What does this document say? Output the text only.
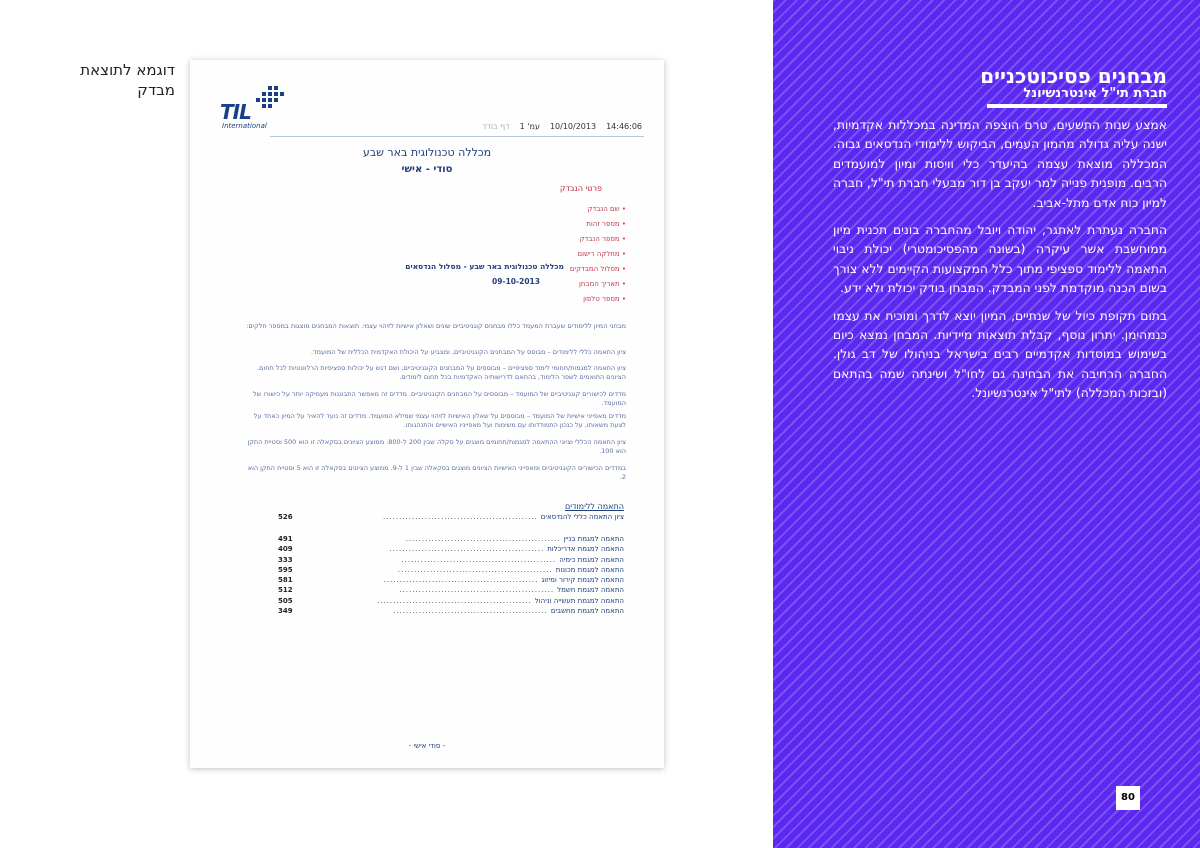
דוגמא לתוצאת מבדק
TIL
International	דף בודד עמ' 1 10/10/2013 14:46:06
מכללה טכנולוגית באר שבע
סודי - אישי
פרטי הנבדק
• שם הנבדק
• מספר זהות
• מספר הנבדק
• מחלקה רישום
• מסלול המבדקים
• תאריך המבחן
• מספר טלפון
מכללה טכנולוגית באר שבע - מסלול הנדסאים
09-10-2013
מבחני המיון ללימודים שעברת המעמד כללו מבחנים קוגניטיביים שונים ושאלון אישיות לזיהוי עצמי. תוצאות המבחנים מוצגות במספר חלקים:
ציון התאמה כללי ללימודים – מבוסס על המבחנים הקוגניטיביים, ומצביע על היכולת האקדמית הכללית של המועמד.
ציון התאמה למגמות/תחומי לימוד ספציפיים – מבוססים על המבחנים הקוגניטיביים, ושם דגש על יכולות ספציפיות הרלוונטיות לכל תחום. הציונים התואמים לשפר הלימוד, בהתאם לדרישותיה האקדמיות בכל תחום לימודים.
מדדים לכישורים קוגניטיביים של המועמד – מבוססים על המבחנים הקוגניטיביים. מדדים זה מאפשר התבוננות מעמיקה יותר על כישורו של המועמד.
מדדים מאפייני אישיות של המועמד – מבוססים על שאלון האישיות לזיהוי עצמי שמילא המועמד. מדדים זה נועד להאיר על המיון כאחד על לצעת משאותו, על כנכון התמודדותו עם משימות ועל מאפייניו האישיים והתנהגותו.
ציון התאמה הכללי וציוני ההתאמה למגמות/תחומים מוצגים על סקלה שבין 200 ל-800. ממוצע הציונים בסקאלה זו הוא 500 וסטיית התקן הוא 100.
במדדים הכישורים הקוגניטיביים ומאפייני האישיות הציונים מוצגים בסקאלה שבין 1 ל-9. ממוצע הציונים בסקאלה זו הוא 5 וסטיית התקן הוא 2.
התאמה ללימודים
ציון התאמה כללי להנדסאים
................................................
526
התאמה למגמת בניין
................................................
491
התאמה למגמת אדריכלות
................................................
409
התאמה למגמת כימיה
................................................
333
התאמה למגמת מכונות
................................................
595
התאמה למגמת קירור ומיזוג
................................................
581
התאמה למגמת חשמל
................................................
512
התאמה למגמת תעשייה וניהול
................................................
505
התאמה למגמת מחשבים
................................................
349
- סודי אישי -
מבחנים פסיכוטכניים
חברת תי"ל אינטרנשיונל

אמצע שנות התשעים, טרם הוצפה המדינה במכללות אקדמיות, ישנה עליה גדולה מהמון העמים, הביקוש ללימודי הנדסאים גבוה. המכללה מוצאת עצמה בהיעדר כלי וויסות ומיון למועמדים הרבים. מופנית פנייה למר יעקב בן דור מבעלי חברת תי"ל, חברה למיון כוח אדם מתל-אביב.

החברה נעתרת לאתגר, יהודה ויובל מהחברה בונים תכנית מיון ממוחשבת אשר עיקרה (בשונה מהפסיכומטרי) יכולת ניבוי התאמה ללימוד ספציפי מתוך כלל המקצועות הקיימים ללא צורך בשום הכנה מוקדמת לפני המבדק. המבחן בודק יכולת ולא ידע.

בתום תקופת כיול של שנתיים, המיון יוצא לדרך ומוכיח את עצמו כנמהימן. יתרון נוסף, קבלת תוצאות מיידיות. המבחן נמצא כיום בשימוש במוסדות אקדמיים רבים בישראל בניהולו של דב גולן. החברה הרחיבה את הבחינה גם לחו"ל ושינתה שמה בהתאם (ובזכות המכללה) לתי"ל אינטרנשיונל.

80
